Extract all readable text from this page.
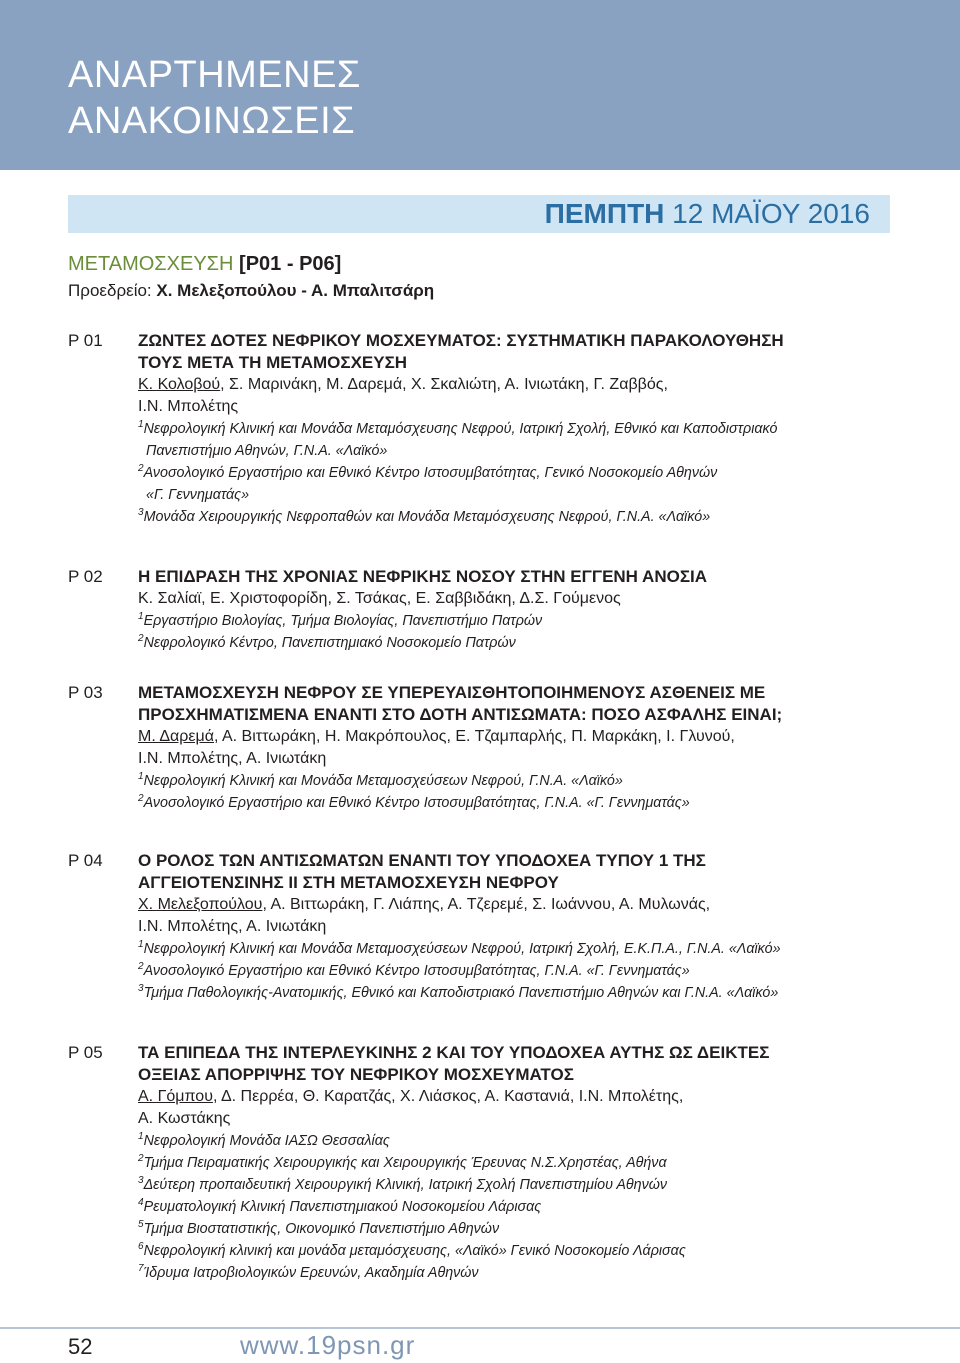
ΑΝΑΡΤΗΜΕΝΕΣ
ΑΝΑΚΟΙΝΩΣΕΙΣ
ΠΕΜΠΤΗ 12 ΜΑΪΟΥ 2016
ΜΕΤΑΜΟΣΧΕΥΣΗ [P01 - P06]
Προεδρείο: Χ. Μελεξοπούλου - Α. Μπαλιτσάρη
P 01 ΖΩΝΤΕΣ ΔΟΤΕΣ ΝΕΦΡΙΚΟΥ ΜΟΣΧΕΥΜΑΤΟΣ: ΣΥΣΤΗΜΑΤΙΚΗ ΠΑΡΑΚΟΛΟΥΘΗΣΗ
ΤΟΥΣ ΜΕΤΑ ΤΗ ΜΕΤΑΜΟΣΧΕΥΣΗ
Κ. Κολοβού, Σ. Μαρινάκη, Μ. Δαρεμά, Χ. Σκαλιώτη, Α. Ινιωτάκη, Γ. Ζαββός,
Ι.Ν. Μπολέτης
$^1$Νεφρολογική Κλινική και Μονάδα Μεταμόσχευσης Νεφρού, Ιατρική Σχολή, Εθνικό και Καποδιστριακό
Πανεπιστήμιο Αθηνών, Γ.Ν.Α. «Λαϊκό»
$^2$Ανοσολογικό Εργαστήριο και Εθνικό Κέντρο Ιστοσυμβατότητας, Γενικό Νοσοκομείο Αθηνών
«Γ. Γεννηματάς»
$^3$Μονάδα Χειρουργικής Νεφροπαθών και Μονάδα Μεταμόσχευσης Νεφρού, Γ.Ν.Α. «Λαϊκό»
P 02 Η ΕΠΙΔΡΑΣΗ ΤΗΣ ΧΡΟΝΙΑΣ ΝΕΦΡΙΚΗΣ ΝΟΣΟΥ ΣΤΗΝ ΕΓΓΕΝΗ ΑΝΟΣΙΑ
Κ. Σαλίαϊ, Ε. Χριστοφορίδη, Σ. Τσάκας, Ε. Σαββιδάκη, Δ.Σ. Γούμενος
$^1$Εργαστήριο Βιολογίας, Τμήμα Βιολογίας, Πανεπιστήμιο Πατρών
$^2$Νεφρολογικό Κέντρο, Πανεπιστημιακό Νοσοκομείο Πατρών
P 03 ΜΕΤΑΜΟΣΧΕΥΣΗ ΝΕΦΡΟΥ ΣΕ ΥΠΕΡΕΥΑΙΣΘΗΤΟΠΟΙΗΜΕΝΟΥΣ ΑΣΘΕΝΕΙΣ ΜΕ
ΠΡΟΣΧΗΜΑΤΙΣΜΕΝΑ ΕΝΑΝΤΙ ΣΤΟ ΔΟΤΗ ΑΝΤΙΣΩΜΑΤΑ: ΠΟΣΟ ΑΣΦΑΛΗΣ ΕΙΝΑΙ;
Μ. Δαρεμά, Α. Βιττωράκη, Η. Μακρόπουλος, Ε. Τζαμπαρλής, Π. Μαρκάκη, Ι. Γλυνού,
Ι.Ν. Μπολέτης, Α. Ινιωτάκη
$^1$Νεφρολογική Κλινική και Μονάδα Μεταμοσχεύσεων Νεφρού, Γ.Ν.Α. «Λαϊκό»
$^2$Ανοσολογικό Εργαστήριο και Εθνικό Κέντρο Ιστοσυμβατότητας, Γ.Ν.Α. «Γ. Γεννηματάς»
P 04 Ο ΡΟΛΟΣ ΤΩΝ ΑΝΤΙΣΩΜΑΤΩΝ ΕΝΑΝΤΙ ΤΟΥ ΥΠΟΔΟΧΕΑ ΤΥΠΟΥ 1 ΤΗΣ
ΑΓΓΕΙΟΤΕΝΣΙΝΗΣ ΙΙ ΣΤΗ ΜΕΤΑΜΟΣΧΕΥΣΗ ΝΕΦΡΟΥ
Χ. Μελεξοπούλου, Α. Βιττωράκη, Γ. Λιάπης, Α. Τζερεμέ, Σ. Ιωάννου, Α. Μυλωνάς,
Ι.Ν. Μπολέτης, Α. Ινιωτάκη
$^1$Νεφρολογική Κλινική και Μονάδα Μεταμοσχεύσεων Νεφρού, Ιατρική Σχολή, Ε.Κ.Π.Α., Γ.Ν.Α. «Λαϊκό»
$^2$Ανοσολογικό Εργαστήριο και Εθνικό Κέντρο Ιστοσυμβατότητας, Γ.Ν.Α. «Γ. Γεννηματάς»
$^3$Τμήμα Παθολογικής-Ανατομικής, Εθνικό και Καποδιστριακό Πανεπιστήμιο Αθηνών και Γ.Ν.Α. «Λαϊκό»
P 05 ΤΑ ΕΠΙΠΕΔΑ ΤΗΣ ΙΝΤΕΡΛΕΥΚΙΝΗΣ 2 ΚΑΙ ΤΟΥ ΥΠΟΔΟΧΕΑ ΑΥΤΗΣ ΩΣ ΔΕΙΚΤΕΣ
ΟΞΕΙΑΣ ΑΠΟΡΡΙΨΗΣ ΤΟΥ ΝΕΦΡΙΚΟΥ ΜΟΣΧΕΥΜΑΤΟΣ
Α. Γόμπου, Δ. Περρέα, Θ. Καρατζάς, Χ. Λιάσκος, Α. Καστανιά, Ι.Ν. Μπολέτης,
Α. Κωστάκης
$^1$Νεφρολογική Μονάδα ΙΑΣΩ Θεσσαλίας
$^2$Τμήμα Πειραματικής Χειρουργικής και Χειρουργικής Έρευνας Ν.Σ.Χρηστέας, Αθήνα
$^3$Δεύτερη προπαιδευτική Χειρουργική Κλινική, Ιατρική Σχολή Πανεπιστημίου Αθηνών
$^4$Ρευματολογική Κλινική Πανεπιστημιακού Νοσοκομείου Λάρισας
$^5$Τμήμα Βιοστατιστικής, Οικονομικό Πανεπιστήμιο Αθηνών
$^6$Νεφρολογική κλινική και μονάδα μεταμόσχευσης, «Λαϊκό» Γενικό Νοσοκομείο Λάρισας
$^7$Ίδρυμα Ιατροβιολογικών Ερευνών, Ακαδημία Αθηνών
52	www.19psn.gr
